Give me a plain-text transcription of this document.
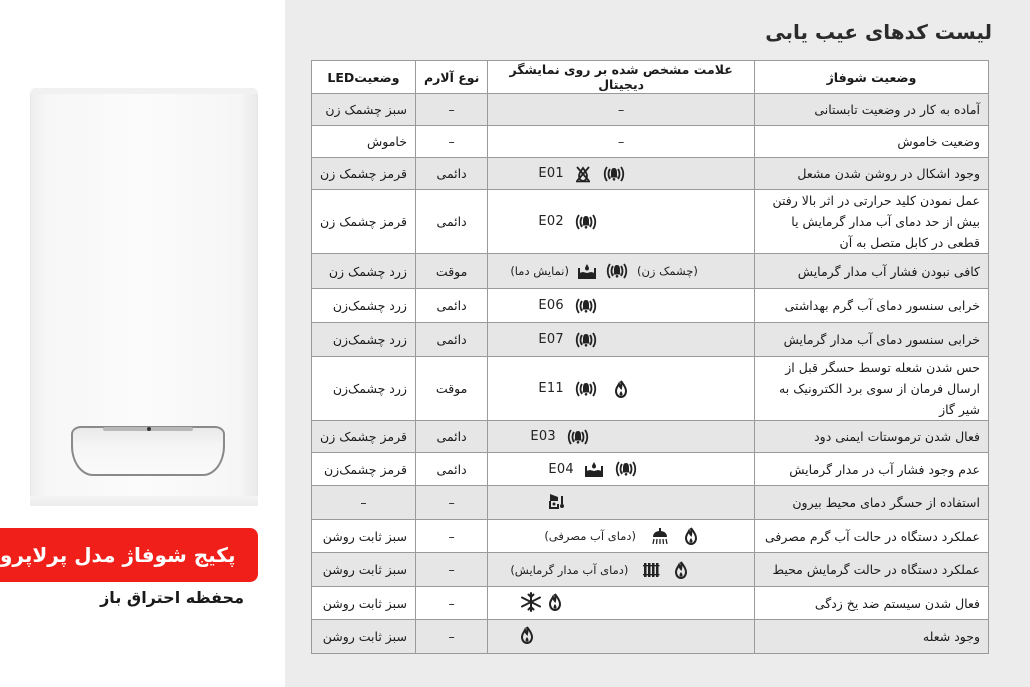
پکیج شوفاژ مدل پرلاپرو
محفظه احتراق باز
لیست کدهای عیب یابی
وضعیت شوفاژ	علامت مشخص شده بر روی نمایشگر دیجیتال	نوع آلارم	وضعیتLED
آماده به کار در وضعیت تابستانی	–	–	سبز چشمک زن
وضعیت خاموش	–	–	خاموش
وجود اشکال در روشن شدن مشعل	E01	دائمی	قرمز چشمک زن
عمل نمودن کلید حرارتی در اثر بالا رفتن بیش از حد دمای آب مدار گرمایش یا قطعی در کابل متصل به آن	E02	دائمی	قرمز چشمک زن
کافی نبودن فشار آب مدار گرمایش	(نمایش دما) (چشمک زن)	موقت	زرد چشمک زن
خرابی سنسور دمای آب گرم بهداشتی	E06	دائمی	زرد چشمک‌زن
خرابی سنسور دمای آب مدار گرمایش	E07	دائمی	زرد چشمک‌زن
حس شدن شعله توسط حسگر قبل از ارسال فرمان از سوی برد الکترونیک به شیر گاز	E11	موقت	زرد چشمک‌زن
فعال شدن ترموستات ایمنی دود	E03	دائمی	قرمز چشمک زن
عدم وجود فشار آب در مدار گرمایش	E04	دائمی	قرمز چشمک‌زن
استفاده از حسگر دمای محیط بیرون		–	–
عملکرد دستگاه در حالت آب گرم مصرفی	(دمای آب مصرفی)	–	سبز ثابت روشن
عملکرد دستگاه در حالت گرمایش محیط	(دمای آب مدار گرمایش)	–	سبز ثابت روشن
فعال شدن سیستم ضد یخ زدگی		–	سبز ثابت روشن
وجود شعله		–	سبز ثابت روشن
